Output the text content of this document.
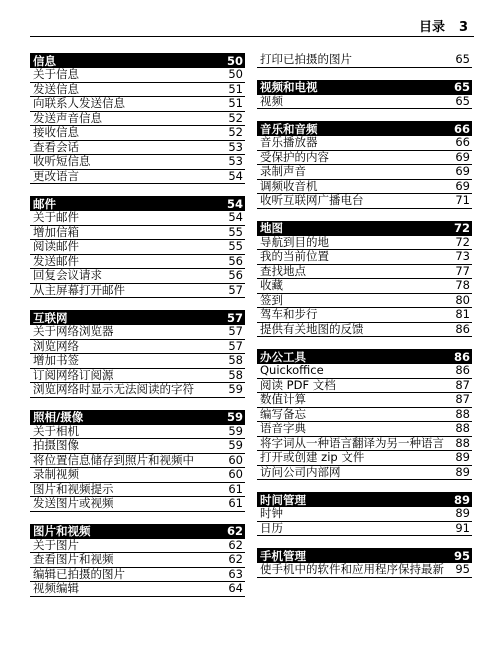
目录 3
信息	50
关于信息	50
发送信息	51
向联系人发送信息	51
发送声音信息	52
接收信息	52
查看会话	53
收听短信息	53
更改语言	54
邮件	54
关于邮件	54
增加信箱	55
阅读邮件	55
发送邮件	56
回复会议请求	56
从主屏幕打开邮件	57
互联网	57
关于网络浏览器	57
浏览网络	57
增加书签	58
订阅网络订阅源	58
浏览网络时显示无法阅读的字符	59
照相/摄像	59
关于相机	59
拍摄图像	59
将位置信息储存到照片和视频中	60
录制视频	60
图片和视频提示	61
发送图片或视频	61
图片和视频	62
关于图片	62
查看图片和视频	62
编辑已拍摄的图片	63
视频编辑	64
打印已拍摄的图片	65
视频和电视	65
视频	65
音乐和音频	66
音乐播放器	66
受保护的内容	69
录制声音	69
调频收音机	69
收听互联网广播电台	71
地图	72
导航到目的地	72
我的当前位置	73
查找地点	77
收藏	78
签到	80
驾车和步行	81
提供有关地图的反馈	86
办公工具	86
Quickoffice	86
阅读 PDF 文档	87
数值计算	87
编写备忘	88
语音字典	88
将字词从一种语言翻译为另一种语言 88
打开或创建 zip 文件	89
访问公司内部网	89
时间管理	89
时钟	89
日历	91
手机管理	95
使手机中的软件和应用程序保持最新 95
